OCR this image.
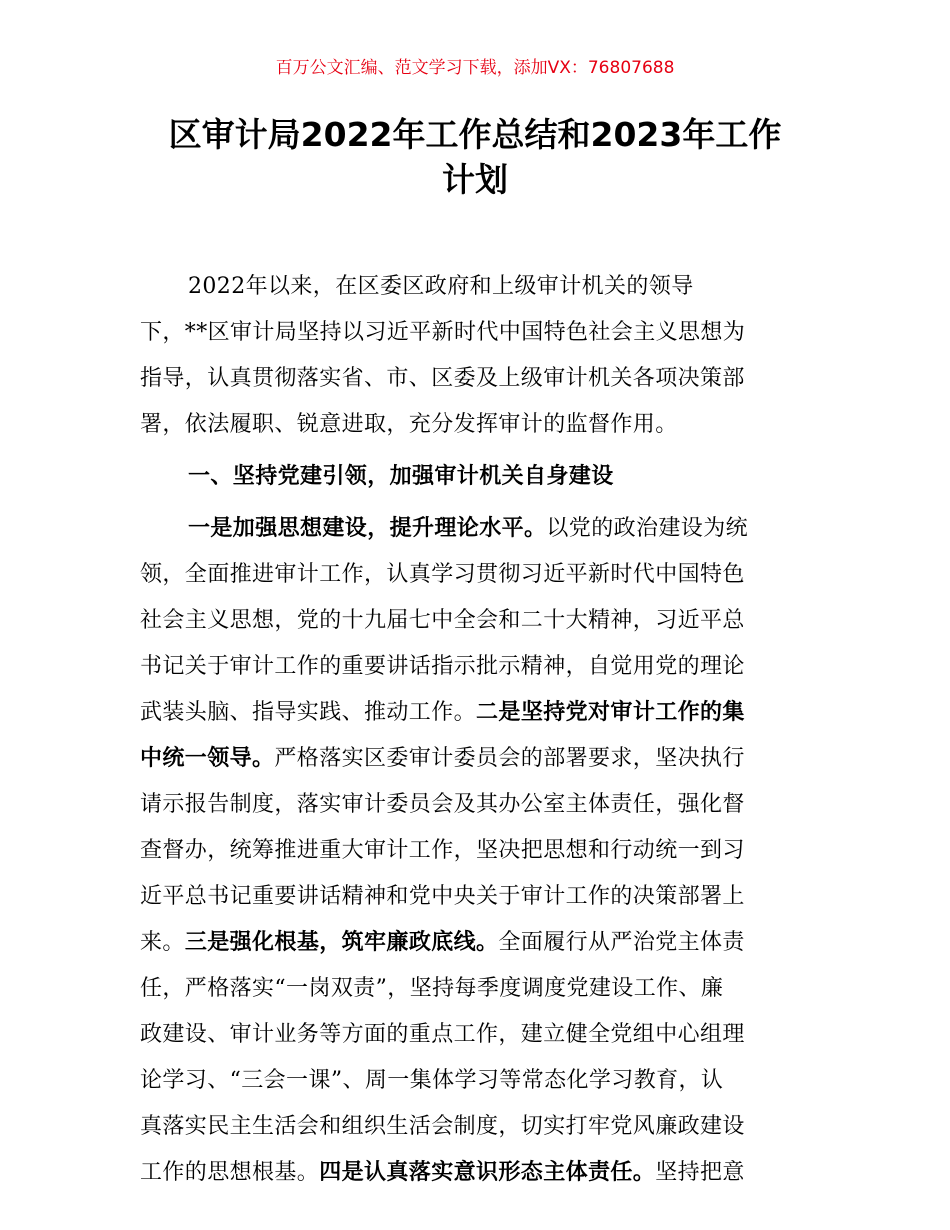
百万公文汇编、范文学习下载，添加VX：76807688
区审计局2022年工作总结和2023年工作
计划
2022年以来，在区委区政府和上级审计机关的领导
下，**区审计局坚持以习近平新时代中国特色社会主义思想为
指导，认真贯彻落实省、市、区委及上级审计机关各项决策部
署，依法履职、锐意进取，充分发挥审计的监督作用。
一、坚持党建引领，加强审计机关自身建设
一是加强思想建设，提升理论水平。以党的政治建设为统
领，全面推进审计工作，认真学习贯彻习近平新时代中国特色
社会主义思想，党的十九届七中全会和二十大精神，习近平总
书记关于审计工作的重要讲话指示批示精神，自觉用党的理论
武装头脑、指导实践、推动工作。二是坚持党对审计工作的集
中统一领导。严格落实区委审计委员会的部署要求，坚决执行
请示报告制度，落实审计委员会及其办公室主体责任，强化督
查督办，统筹推进重大审计工作，坚决把思想和行动统一到习
近平总书记重要讲话精神和党中央关于审计工作的决策部署上
来。三是强化根基，筑牢廉政底线。全面履行从严治党主体责
任，严格落实“一岗双责”，坚持每季度调度党建设工作、廉
政建设、审计业务等方面的重点工作，建立健全党组中心组理
论学习、“三会一课”、周一集体学习等常态化学习教育，认
真落实民主生活会和组织生活会制度，切实打牢党风廉政建设
工作的思想根基。四是认真落实意识形态主体责任。坚持把意
